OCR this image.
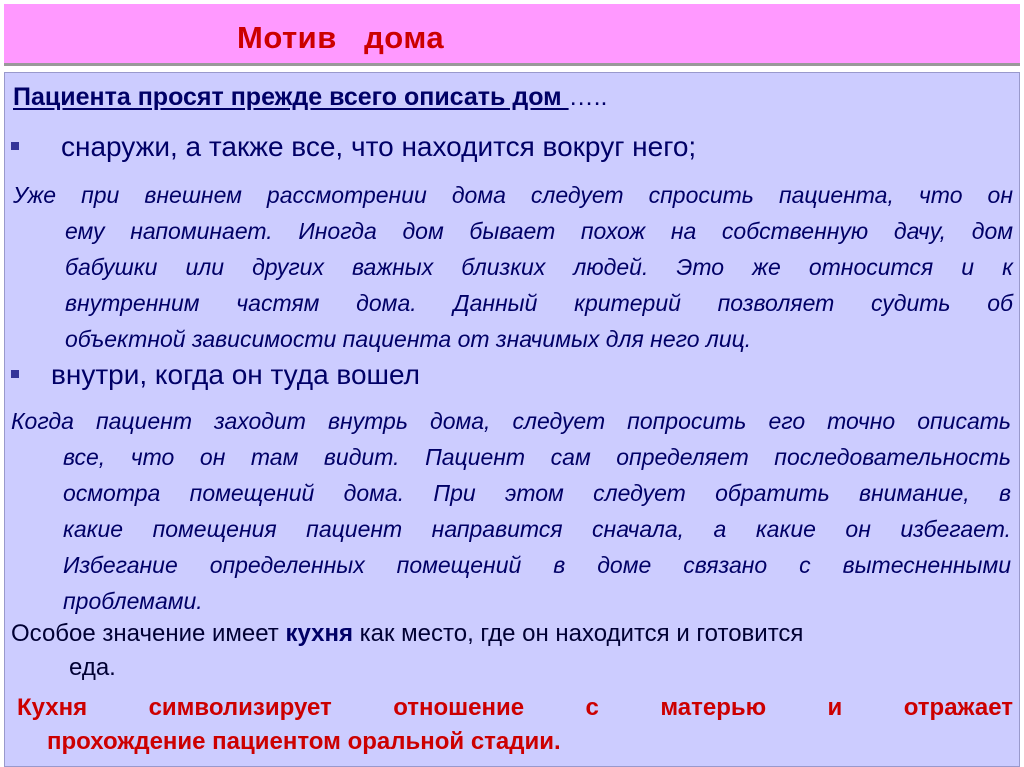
Мотив   дома
Пациента просят прежде всего описать дом …..
снаружи, а также все, что находится вокруг него;
Уже при внешнем рассмотрении дома следует спросить пациента, что он
ему напоминает. Иногда дом бывает похож на собственную дачу, дом
бабушки или других важных близких людей. Это же относится и к
внутренним частям дома. Данный критерий позволяет судить об
объектной зависимости пациента от значимых для него лиц.
внутри, когда он туда вошел
Когда пациент заходит внутрь дома, следует попросить его точно описать
все, что он там видит. Пациент сам определяет последовательность
осмотра помещений дома. При этом следует обратить внимание, в
какие помещения пациент направится сначала, а какие он избегает.
Избегание определенных помещений в доме связано с вытесненными
проблемами.
Особое значение имеет кухня как место, где он находится и готовится
еда.
Кухня символизирует отношение с матерью и отражает
прохождение пациентом оральной стадии.
